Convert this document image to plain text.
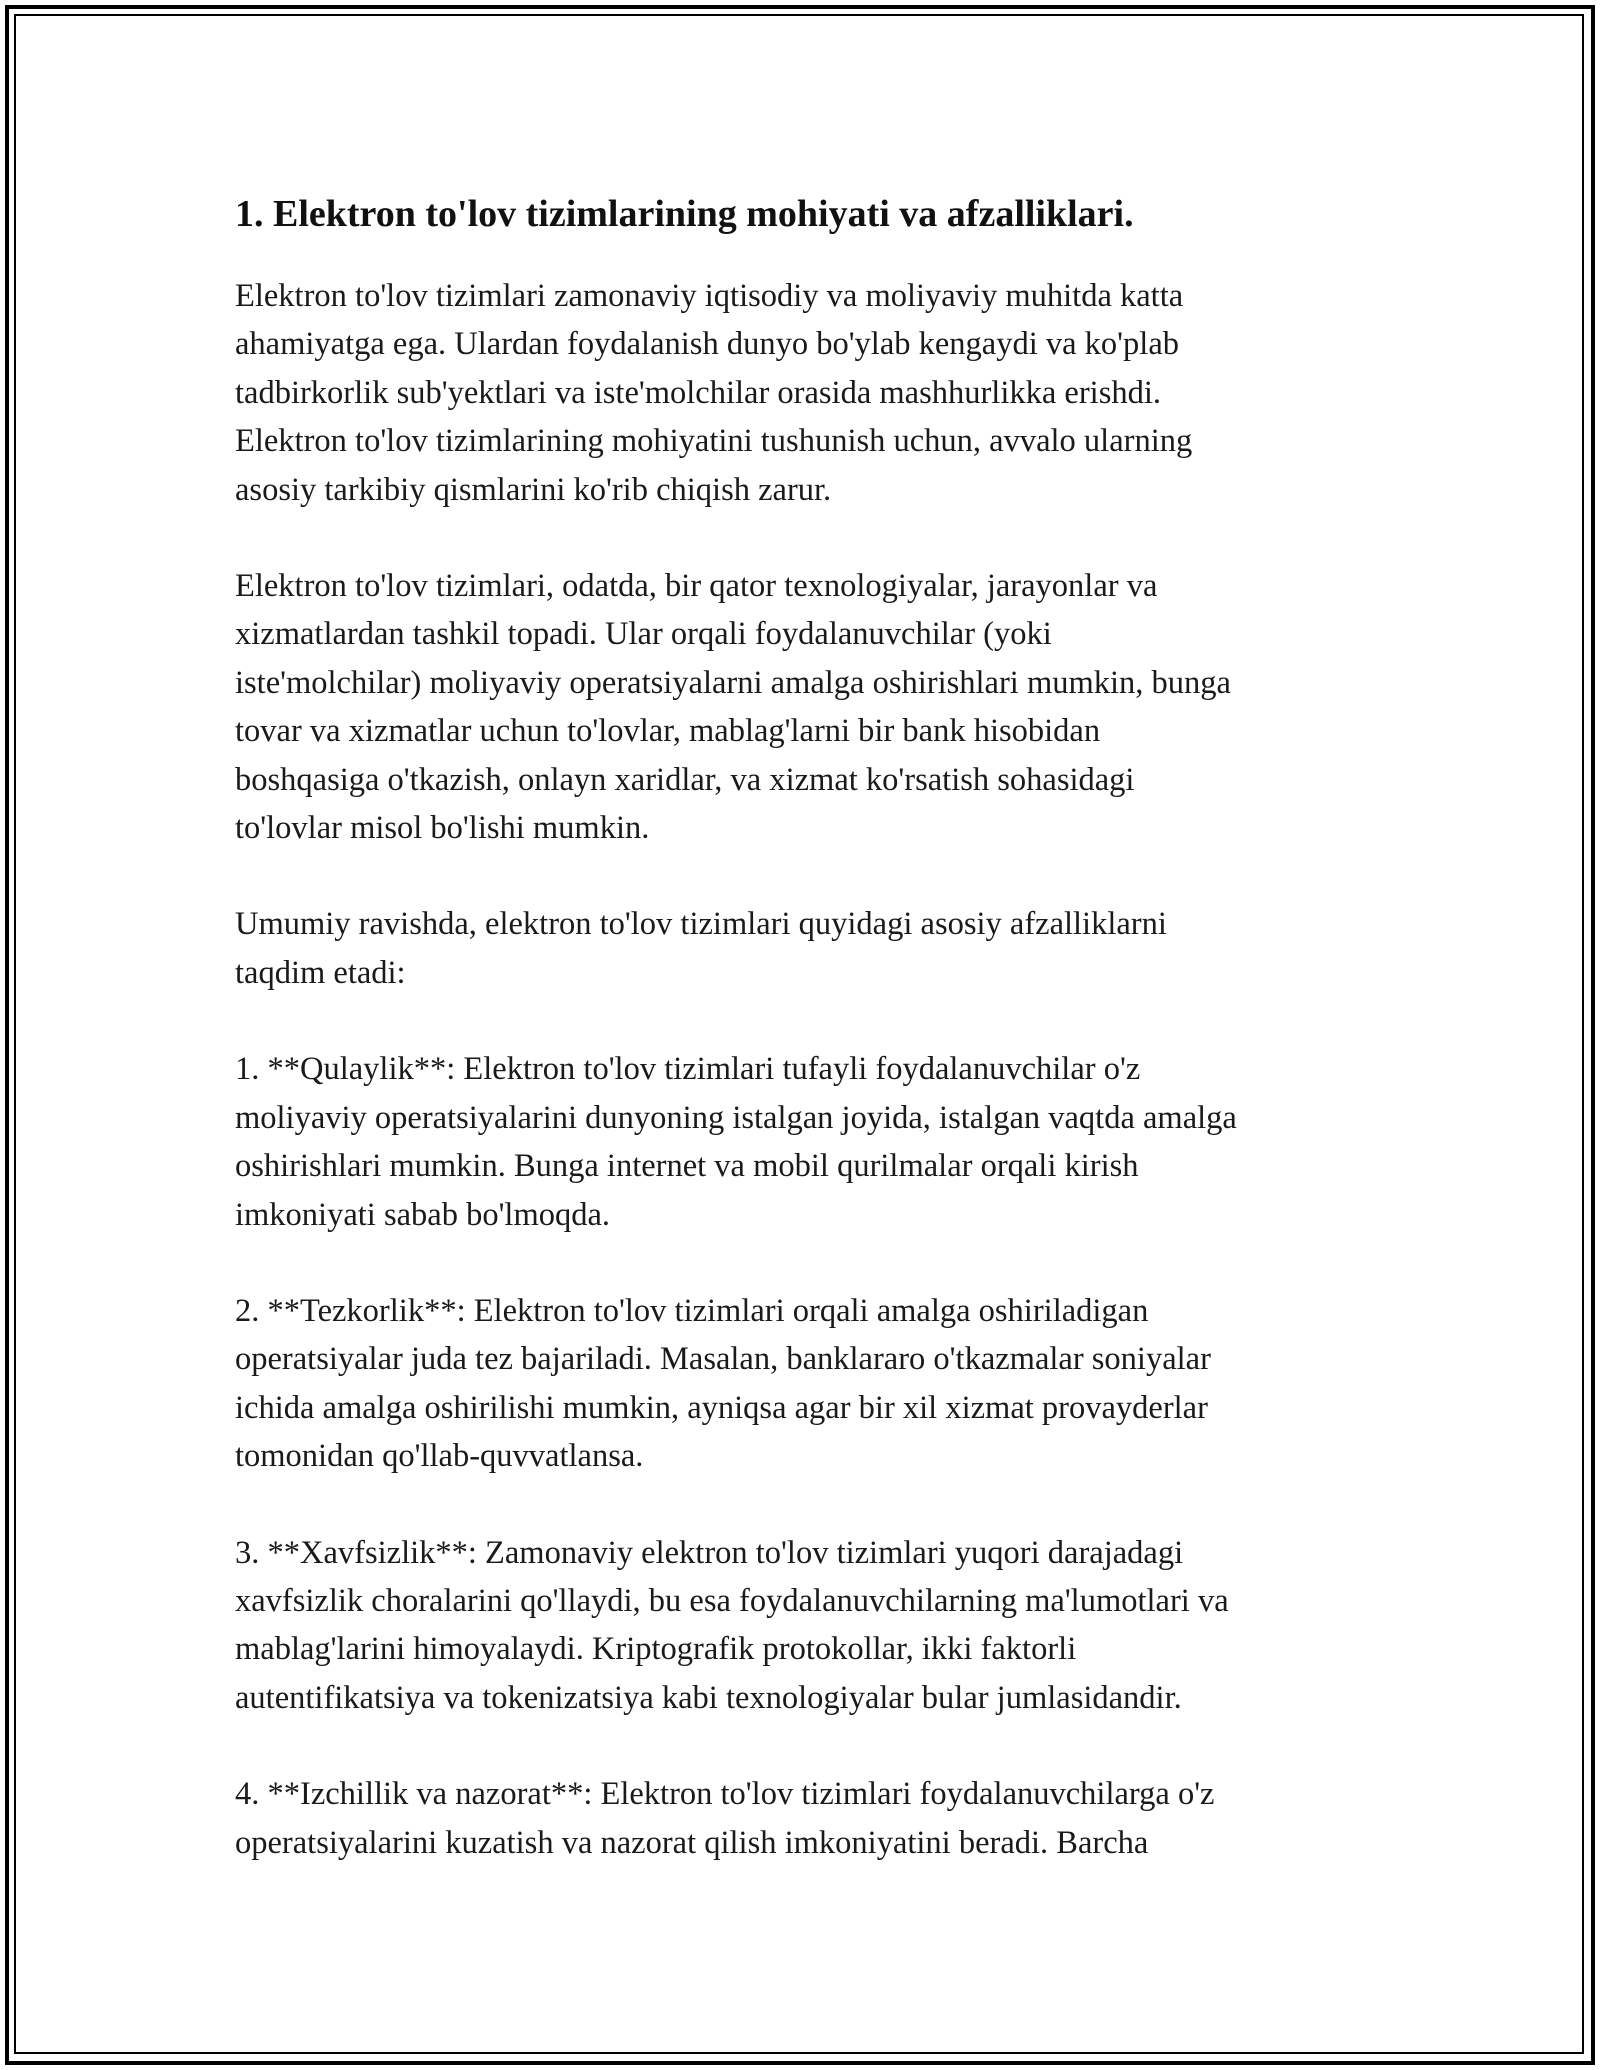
1. Elektron to'lov tizimlarining mohiyati va afzalliklari.

Elektron to'lov tizimlari zamonaviy iqtisodiy va moliyaviy muhitda katta
ahamiyatga ega. Ulardan foydalanish dunyo bo'ylab kengaydi va ko'plab
tadbirkorlik sub'yektlari va iste'molchilar orasida mashhurlikka erishdi.
Elektron to'lov tizimlarining mohiyatini tushunish uchun, avvalo ularning
asosiy tarkibiy qismlarini ko'rib chiqish zarur.

Elektron to'lov tizimlari, odatda, bir qator texnologiyalar, jarayonlar va
xizmatlardan tashkil topadi. Ular orqali foydalanuvchilar (yoki
iste'molchilar) moliyaviy operatsiyalarni amalga oshirishlari mumkin, bunga
tovar va xizmatlar uchun to'lovlar, mablag'larni bir bank hisobidan
boshqasiga o'tkazish, onlayn xaridlar, va xizmat ko'rsatish sohasidagi
to'lovlar misol bo'lishi mumkin.

Umumiy ravishda, elektron to'lov tizimlari quyidagi asosiy afzalliklarni
taqdim etadi:

1. **Qulaylik**: Elektron to'lov tizimlari tufayli foydalanuvchilar o'z
moliyaviy operatsiyalarini dunyoning istalgan joyida, istalgan vaqtda amalga
oshirishlari mumkin. Bunga internet va mobil qurilmalar orqali kirish
imkoniyati sabab bo'lmoqda.

2. **Tezkorlik**: Elektron to'lov tizimlari orqali amalga oshiriladigan
operatsiyalar juda tez bajariladi. Masalan, banklararo o'tkazmalar soniyalar
ichida amalga oshirilishi mumkin, ayniqsa agar bir xil xizmat provayderlar
tomonidan qo'llab-quvvatlansa.

3. **Xavfsizlik**: Zamonaviy elektron to'lov tizimlari yuqori darajadagi
xavfsizlik choralarini qo'llaydi, bu esa foydalanuvchilarning ma'lumotlari va
mablag'larini himoyalaydi. Kriptografik protokollar, ikki faktorli
autentifikatsiya va tokenizatsiya kabi texnologiyalar bular jumlasidandir.

4. **Izchillik va nazorat**: Elektron to'lov tizimlari foydalanuvchilarga o'z
operatsiyalarini kuzatish va nazorat qilish imkoniyatini beradi. Barcha
